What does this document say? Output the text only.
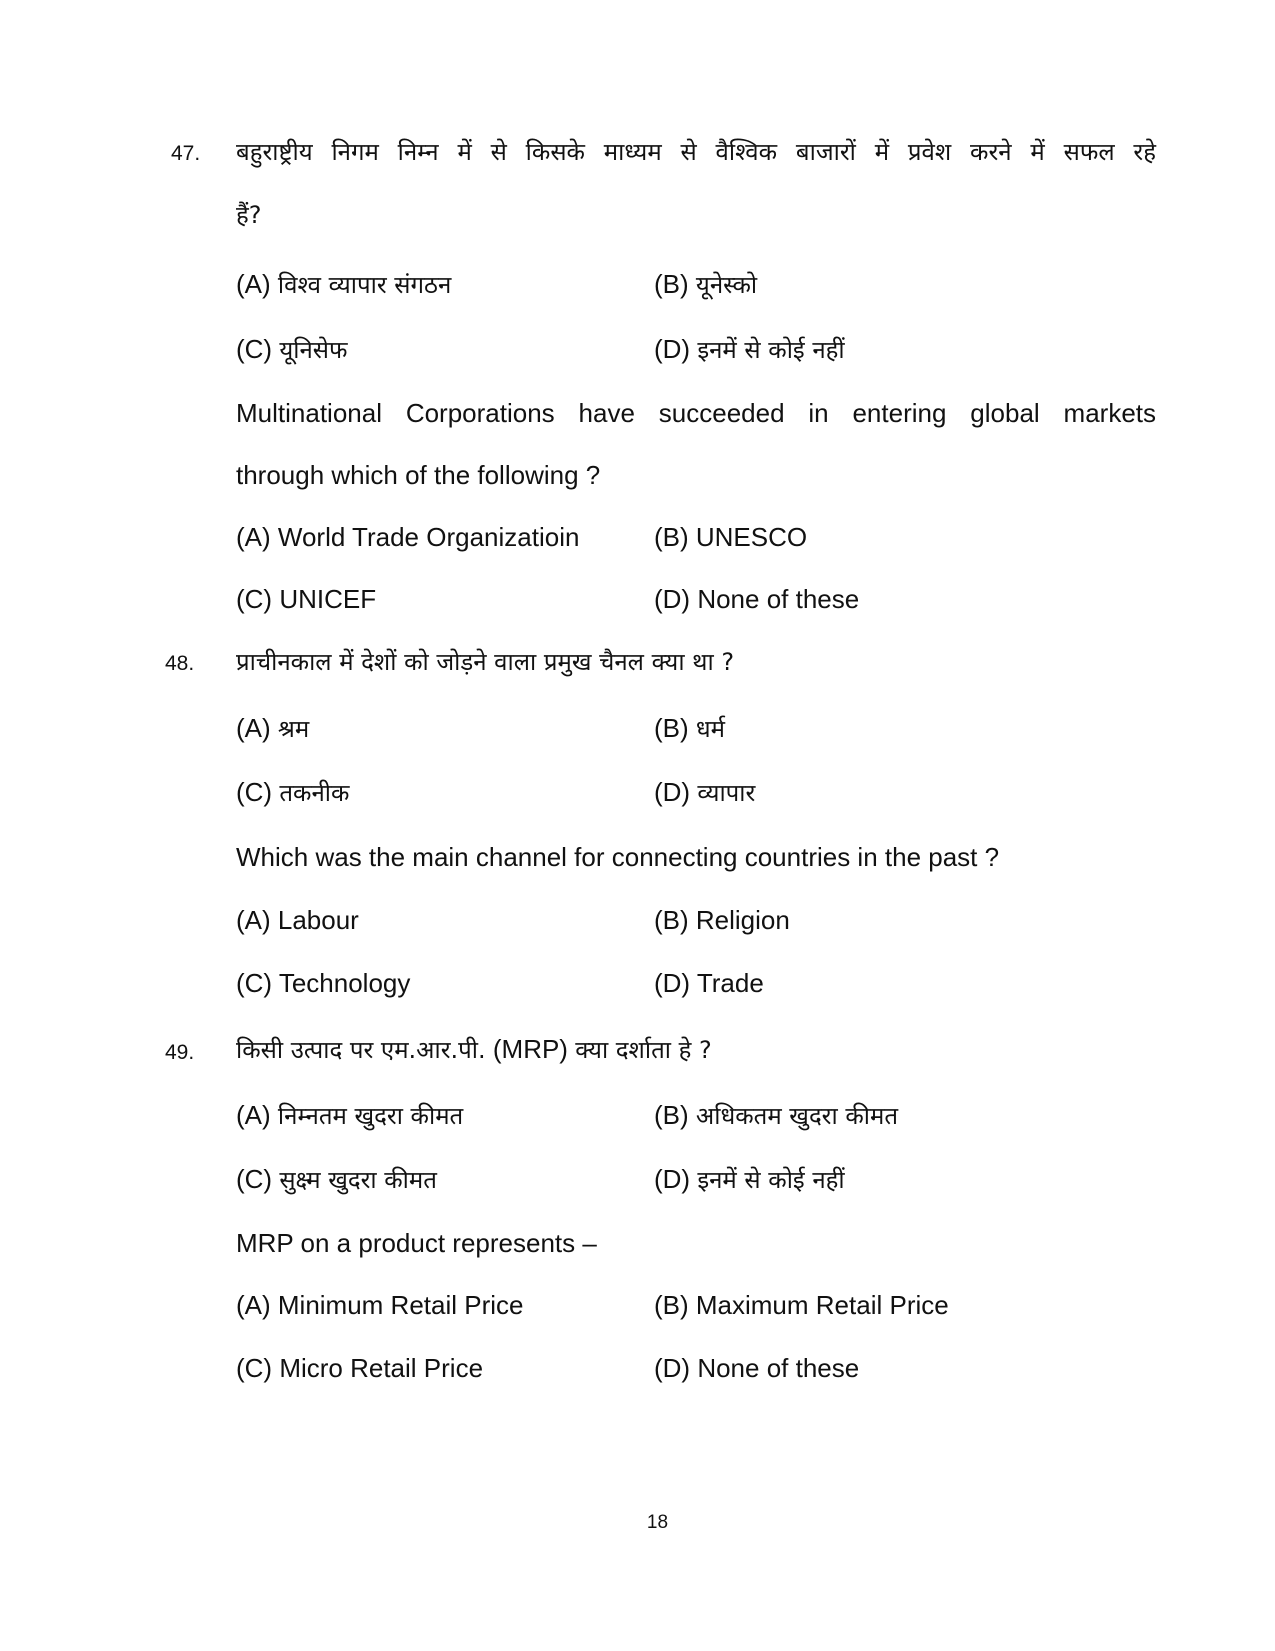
47. बहुराष्ट्रीय निगम निम्न में से किसके माध्यम से वैश्विक बाजारों में प्रवेश करने में सफल रहे
हैं?
(A) विश्व व्यापार संगठन	(B) यूनेस्को
(C) यूनिसेफ	(D) इनमें से कोई नहीं
Multinational Corporations have succeeded in entering global markets
through which of the following ?
(A) World Trade Organizatioin	(B) UNESCO
(C) UNICEF	(D) None of these
48. प्राचीनकाल में देशों को जोड़ने वाला प्रमुख चैनल क्या था ?
(A) श्रम	(B) धर्म
(C) तकनीक	(D) व्यापार
Which was the main channel for connecting countries in the past ?
(A) Labour	(B) Religion
(C) Technology	(D) Trade
49. किसी उत्पाद पर एम.आर.पी. (MRP) क्या दर्शाता हे ?
(A) निम्नतम खुदरा कीमत	(B) अधिकतम खुदरा कीमत
(C) सुक्ष्म खुदरा कीमत	(D) इनमें से कोई नहीं
MRP on a product represents –
(A) Minimum Retail Price	(B) Maximum Retail Price
(C) Micro Retail Price	(D) None of these
18
